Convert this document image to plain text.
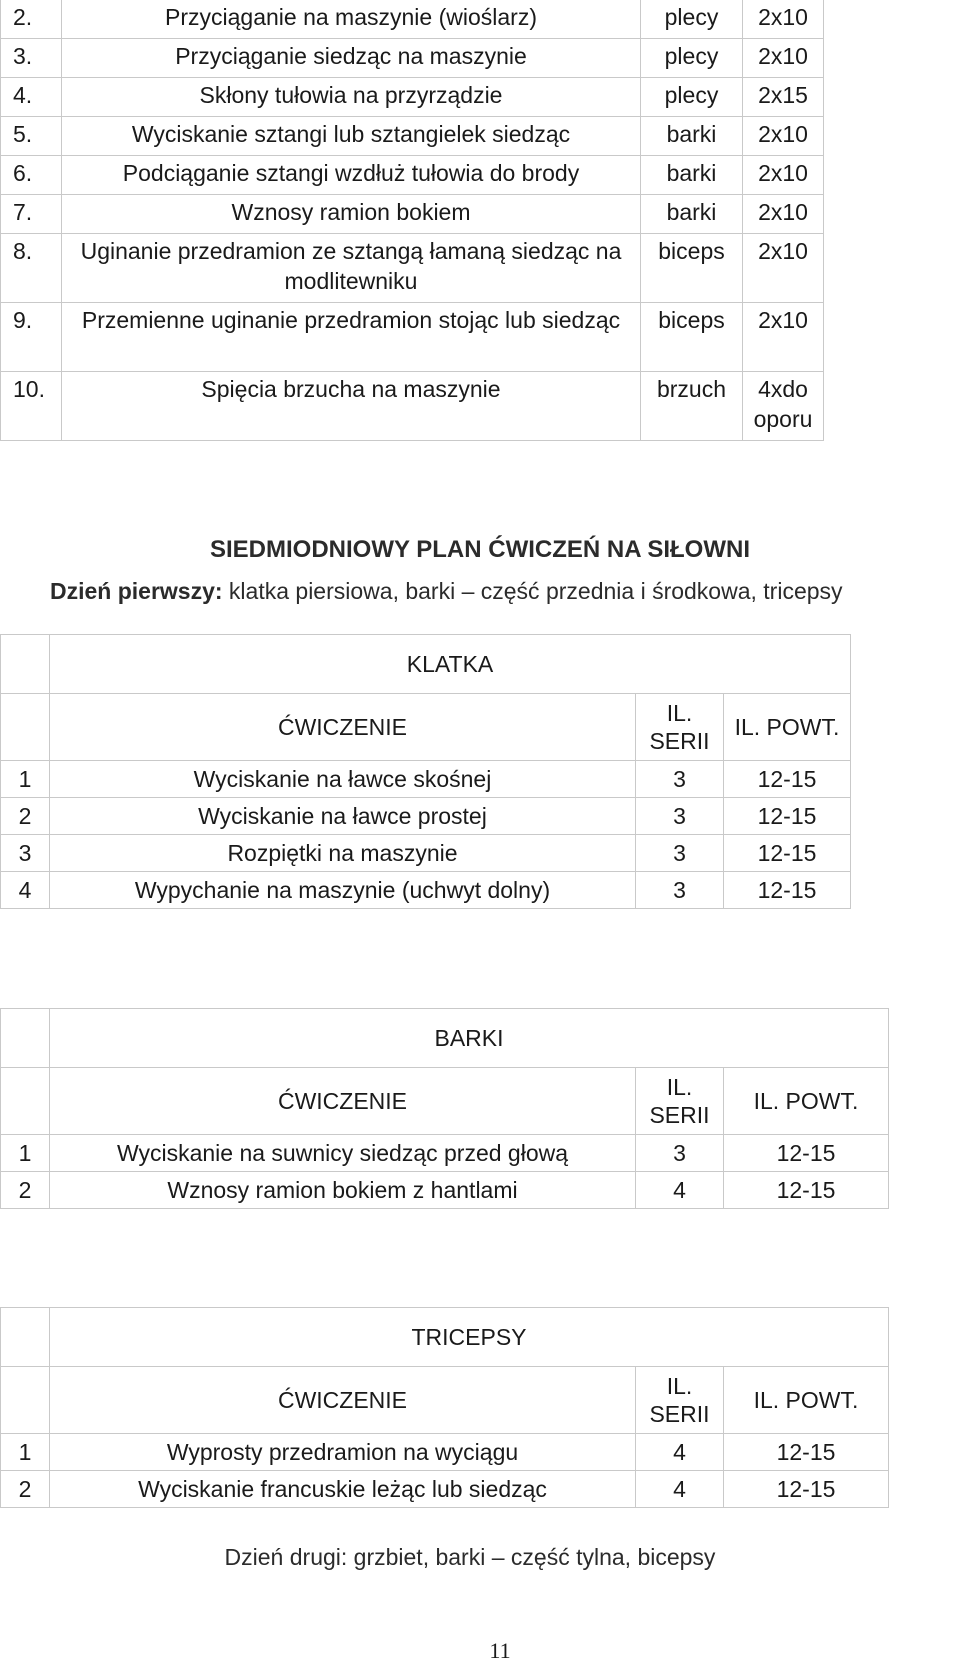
2.	Przyciąganie na maszynie (wioślarz)	plecy	2x10
3.	Przyciąganie siedząc na maszynie	plecy	2x10
4.	Skłony tułowia na przyrządzie	plecy	2x15
5.	Wyciskanie sztangi lub sztangielek siedząc	barki	2x10
6.	Podciąganie sztangi wzdłuż tułowia do brody	barki	2x10
7.	Wznosy ramion bokiem	barki	2x10
8.	Uginanie przedramion ze sztangą łamaną siedząc na modlitewniku	biceps	2x10
9.	Przemienne uginanie przedramion stojąc lub siedząc	biceps	2x10
10.	Spięcia brzucha na maszynie	brzuch	4xdo oporu
SIEDMIODNIOWY PLAN ĆWICZEŃ NA SIŁOWNI
Dzień pierwszy: klatka piersiowa, barki – część przednia i środkowa, tricepsy
	KLATKA		
	ĆWICZENIE	IL. SERII	IL. POWT.
1	Wyciskanie na ławce skośnej	3	12-15
2	Wyciskanie na ławce prostej	3	12-15
3	Rozpiętki na maszynie	3	12-15
4	Wypychanie na maszynie (uchwyt dolny)	3	12-15
	BARKI		
	ĆWICZENIE	IL. SERII	IL. POWT.
1	Wyciskanie na suwnicy siedząc przed głową	3	12-15
2	Wznosy ramion bokiem z hantlami	4	12-15
	TRICEPSY		
	ĆWICZENIE	IL. SERII	IL. POWT.
1	Wyprosty przedramion na wyciągu	4	12-15
2	Wyciskanie francuskie leżąc lub siedząc	4	12-15
Dzień drugi: grzbiet, barki – część tylna, bicepsy
11
